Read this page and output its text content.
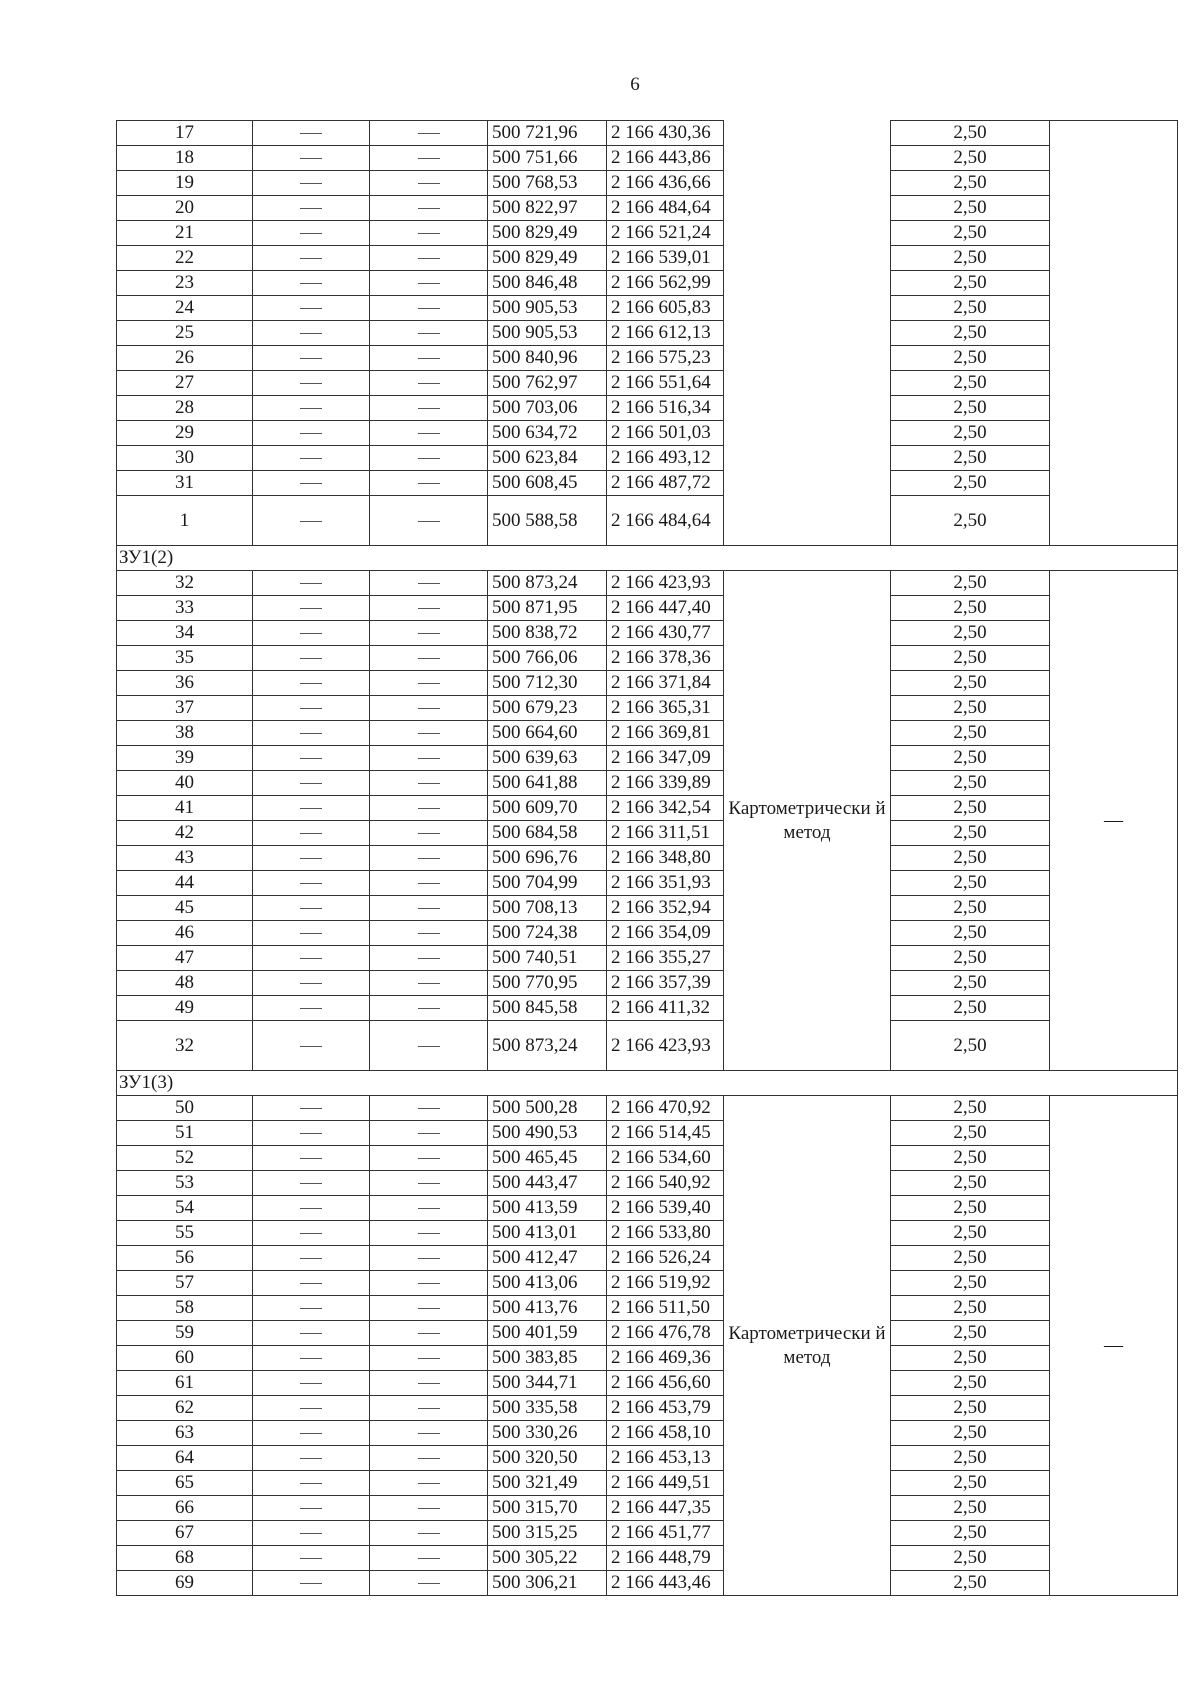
6
17			500 721,96	2 166 430,36		2,50	
18			500 751,66	2 166 443,86		2,50	
19			500 768,53	2 166 436,66		2,50	
20			500 822,97	2 166 484,64		2,50	
21			500 829,49	2 166 521,24		2,50	
22			500 829,49	2 166 539,01		2,50	
23			500 846,48	2 166 562,99		2,50	
24			500 905,53	2 166 605,83		2,50	
25			500 905,53	2 166 612,13		2,50	
26			500 840,96	2 166 575,23		2,50	
27			500 762,97	2 166 551,64		2,50	
28			500 703,06	2 166 516,34		2,50	
29			500 634,72	2 166 501,03		2,50	
30			500 623,84	2 166 493,12		2,50	
31			500 608,45	2 166 487,72		2,50	
1			500 588,58	2 166 484,64		2,50	
ЗУ1(2)							
32			500 873,24	2 166 423,93	Картометрически й метод	2,50	—
33			500 871,95	2 166 447,40		2,50	
34			500 838,72	2 166 430,77		2,50	
35			500 766,06	2 166 378,36		2,50	
36			500 712,30	2 166 371,84		2,50	
37			500 679,23	2 166 365,31		2,50	
38			500 664,60	2 166 369,81		2,50	
39			500 639,63	2 166 347,09		2,50	
40			500 641,88	2 166 339,89		2,50	
41			500 609,70	2 166 342,54		2,50	
42			500 684,58	2 166 311,51		2,50	
43			500 696,76	2 166 348,80		2,50	
44			500 704,99	2 166 351,93		2,50	
45			500 708,13	2 166 352,94		2,50	
46			500 724,38	2 166 354,09		2,50	
47			500 740,51	2 166 355,27		2,50	
48			500 770,95	2 166 357,39		2,50	
49			500 845,58	2 166 411,32		2,50	
32			500 873,24	2 166 423,93		2,50	
ЗУ1(3)							
50			500 500,28	2 166 470,92	Картометрически й метод	2,50	—
51			500 490,53	2 166 514,45		2,50	
52			500 465,45	2 166 534,60		2,50	
53			500 443,47	2 166 540,92		2,50	
54			500 413,59	2 166 539,40		2,50	
55			500 413,01	2 166 533,80		2,50	
56			500 412,47	2 166 526,24		2,50	
57			500 413,06	2 166 519,92		2,50	
58			500 413,76	2 166 511,50		2,50	
59			500 401,59	2 166 476,78		2,50	
60			500 383,85	2 166 469,36		2,50	
61			500 344,71	2 166 456,60		2,50	
62			500 335,58	2 166 453,79		2,50	
63			500 330,26	2 166 458,10		2,50	
64			500 320,50	2 166 453,13		2,50	
65			500 321,49	2 166 449,51		2,50	
66			500 315,70	2 166 447,35		2,50	
67			500 315,25	2 166 451,77		2,50	
68			500 305,22	2 166 448,79		2,50	
69			500 306,21	2 166 443,46		2,50	
